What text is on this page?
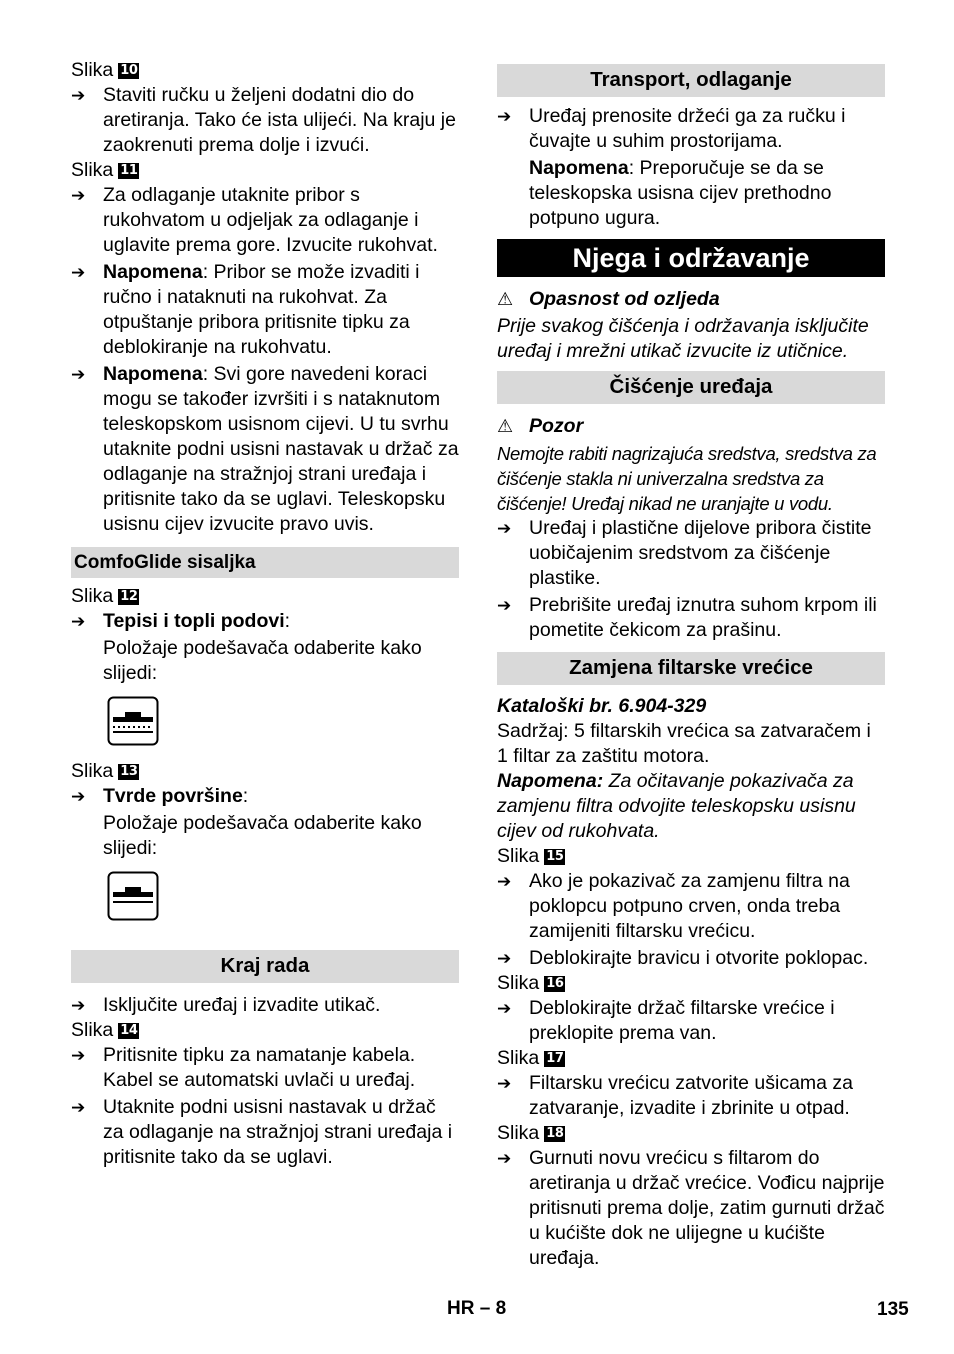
Slika 10

➔ Staviti ručku u željeni dodatni dio do aretiranja. Tako će ista ulijeći. Na kraju je zaokrenuti prema dolje i izvući.

Slika 11

➔ Za odlaganje utaknite pribor s rukohvatom u odjeljak za odlaganje i uglavite prema gore. Izvucite rukohvat.
➔ Napomena: Pribor se može izvaditi i ručno i nataknuti na rukohvat. Za otpuštanje pribora pritisnite tipku za deblokiranje na rukohvatu.
➔ Napomena: Svi gore navedeni koraci mogu se također izvršiti i s nataknutom teleskopskom usisnom cijevi. U tu svrhu utaknite podni usisni nastavak u držač za odlaganje na stražnjoj strani uređaja i pritisnite tako da se uglavi. Teleskopsku usisnu cijev izvucite pravo uvis.
ComfoGlide sisaljka

Slika 12

➔ Tepisi i topli podovi:

Položaje podešavača odaberite kako slijedi:

Slika 13

➔ Tvrde površine:

Položaje podešavača odaberite kako slijedi:

Kraj rada
➔ Isključite uređaj i izvadite utikač.

Slika 14

➔ Pritisnite tipku za namatanje kabela. Kabel se automatski uvlači u uređaj.
➔ Utaknite podni usisni nastavak u držač za odlaganje na stražnjoj strani uređaja i pritisnite tako da se uglavi.
Transport, odlaganje
➔ Uređaj prenosite držeći ga za ručku i čuvajte u suhim prostorijama.

Napomena: Preporučuje se da se teleskopska usisna cijev prethodno potpuno ugura.

Njega i održavanje
⚠ Opasnost od ozljeda

Prije svakog čišćenja i održavanja isključite uređaj i mrežni utikač izvucite iz utičnice.

Čišćenje uređaja
⚠ Pozor

Nemojte rabiti nagrizajuća sredstva, sredstva za čišćenje stakla ni univerzalna sredstva za čišćenje! Uređaj nikad ne uranjajte u vodu.

➔ Uređaj i plastične dijelove pribora čistite uobičajenim sredstvom za čišćenje plastike.
➔ Prebrišite uređaj iznutra suhom krpom ili pometite čekicom za prašinu.
Zamjena filtarske vrećice

Kataloški br. 6.904-329

Sadržaj: 5 filtarskih vrećica sa zatvaračem i 1 filtar za zaštitu motora.

Napomena: Za očitavanje pokazivača za zamjenu filtra odvojite teleskopsku usisnu cijev od rukohvata.

Slika 15

➔ Ako je pokazivač za zamjenu filtra na poklopcu potpuno crven, onda treba zamijeniti filtarsku vrećicu.
➔ Deblokirajte bravicu i otvorite poklopac.

Slika 16

➔ Deblokirajte držač filtarske vrećice i preklopite prema van.

Slika 17

➔ Filtarsku vrećicu zatvorite ušicama za zatvaranje, izvadite i zbrinite u otpad.

Slika 18

➔ Gurnuti novu vrećicu s filtarom do aretiranja u držač vrećice. Vođicu najprije pritisnuti prema dolje, zatim gurnuti držač u kućište dok ne ulijegne u kućište uređaja.
HR – 8	135
